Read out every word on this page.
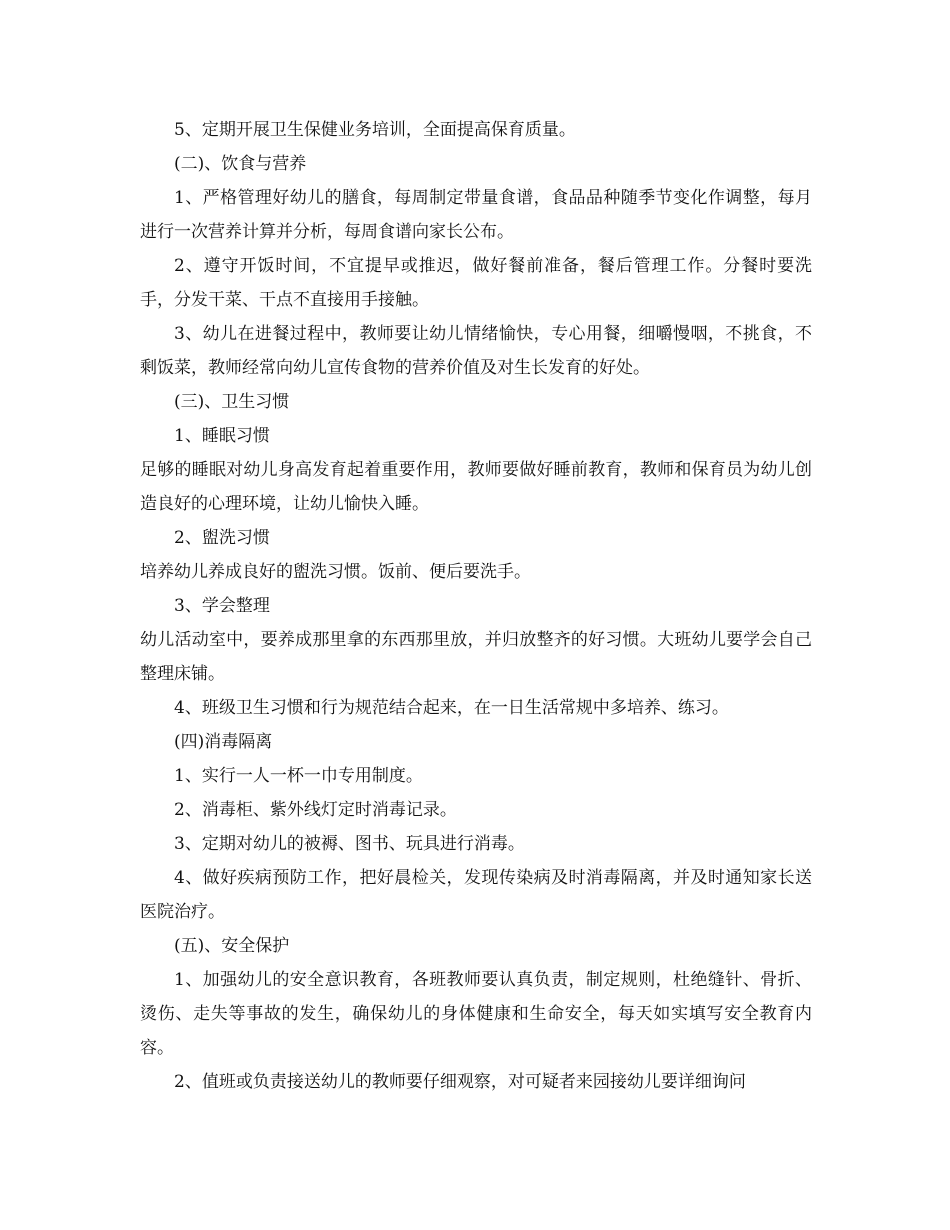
5、定期开展卫生保健业务培训，全面提高保育质量。

(二)、饮食与营养

1、严格管理好幼儿的膳食，每周制定带量食谱，食品品种随季节变化作调整，每月进行一次营养计算并分析，每周食谱向家长公布。

2、遵守开饭时间，不宜提早或推迟，做好餐前准备，餐后管理工作。分餐时要洗手，分发干菜、干点不直接用手接触。

3、幼儿在进餐过程中，教师要让幼儿情绪愉快，专心用餐，细嚼慢咽，不挑食，不剩饭菜，教师经常向幼儿宣传食物的营养价值及对生长发育的好处。

(三)、卫生习惯

1、睡眠习惯

足够的睡眠对幼儿身高发育起着重要作用，教师要做好睡前教育，教师和保育员为幼儿创造良好的心理环境，让幼儿愉快入睡。

2、盥洗习惯

培养幼儿养成良好的盥洗习惯。饭前、便后要洗手。

3、学会整理

幼儿活动室中，要养成那里拿的东西那里放，并归放整齐的好习惯。大班幼儿要学会自己整理床铺。

4、班级卫生习惯和行为规范结合起来，在一日生活常规中多培养、练习。

(四)消毒隔离

1、实行一人一杯一巾专用制度。

2、消毒柜、紫外线灯定时消毒记录。

3、定期对幼儿的被褥、图书、玩具进行消毒。

4、做好疾病预防工作，把好晨检关，发现传染病及时消毒隔离，并及时通知家长送医院治疗。

(五)、安全保护

1、加强幼儿的安全意识教育，各班教师要认真负责，制定规则，杜绝缝针、骨折、烫伤、走失等事故的发生，确保幼儿的身体健康和生命安全，每天如实填写安全教育内容。

2、值班或负责接送幼儿的教师要仔细观察，对可疑者来园接幼儿要详细询问
